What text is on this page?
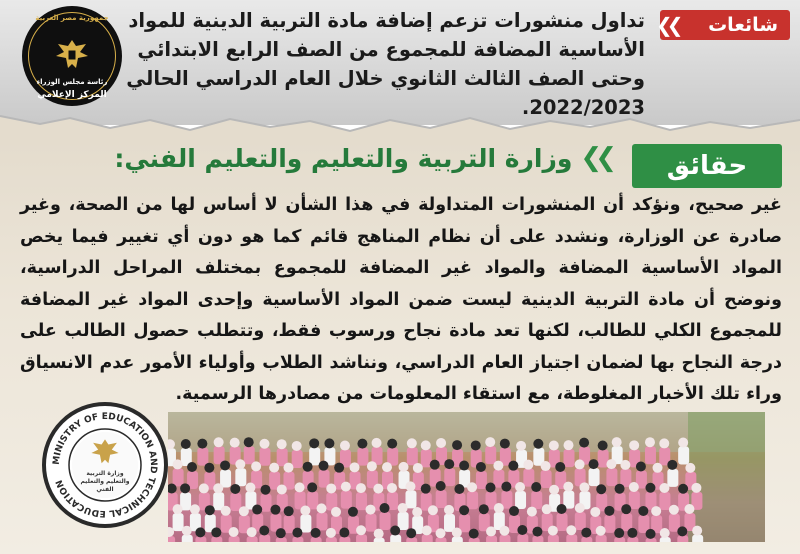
❮❮ شائعات
تداول منشورات تزعم إضافة مادة التربية الدينية للمواد الأساسية المضافة للمجموع من الصف الرابع الابتدائي وحتى الصف الثالث الثانوي خلال العام الدراسي الحالي 2022/2023.
جمهورية مصر العربية
رئاسة مجلس الوزراء
المركز الإعلامي
حقائق
❯❯
وزارة التربية والتعليم والتعليم الفني:
غير صحيح، ونؤكد أن المنشورات المتداولة في هذا الشأن لا أساس لها من الصحة، وغير صادرة عن الوزارة، ونشدد على أن نظام المناهج قائم كما هو دون أي تغيير فيما يخص المواد الأساسية المضافة والمواد غير المضافة للمجموع بمختلف المراحل الدراسية، ونوضح أن مادة التربية الدينية ليست ضمن المواد الأساسية وإحدى المواد غير المضافة للمجموع الكلي للطالب، لكنها تعد مادة نجاح ورسوب فقط، وتتطلب حصول الطالب على درجة النجاح بها لضمان اجتياز العام الدراسي، ونناشد الطلاب وأولياء الأمور عدم الانسياق وراء تلك الأخبار المغلوطة، مع استقاء المعلومات من مصادرها الرسمية.
MINISTRY OF EDUCATION AND TECHNICAL EDUCATION
وزارة التربية والتعليم والتعليم الفني
